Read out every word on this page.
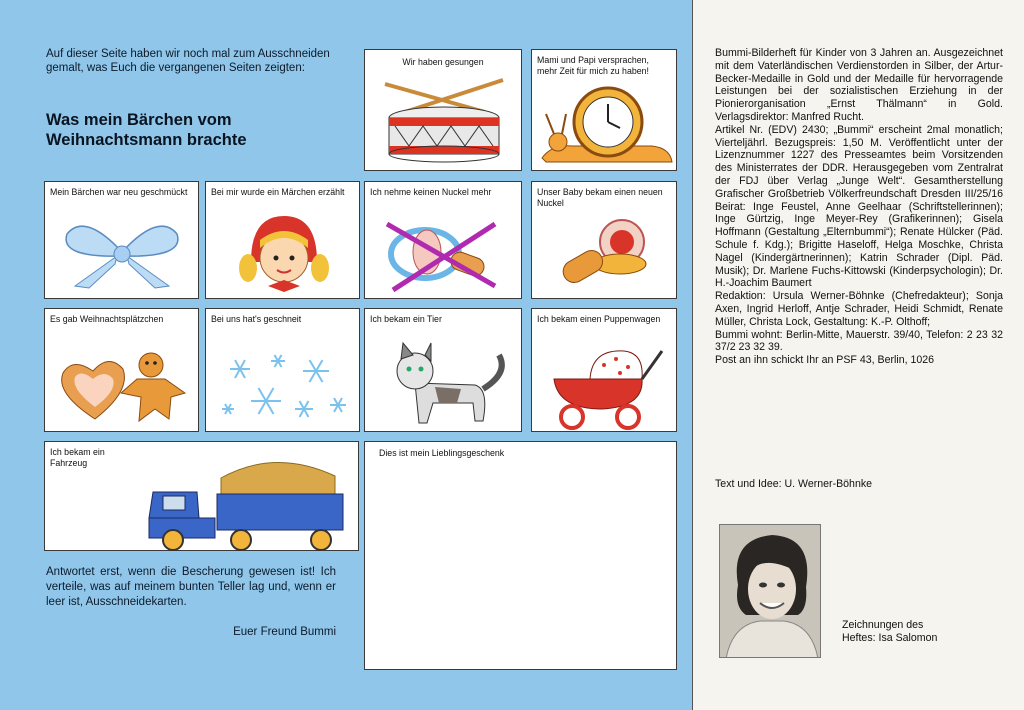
Auf dieser Seite haben wir noch mal zum Ausschneiden gemalt, was Euch die vergangenen Seiten zeigten:
Was mein Bärchen vom Weihnachtsmann brachte
Wir haben gesungen	Mami und Papi versprachen, mehr Zeit für mich zu haben!
Mein Bärchen war neu geschmückt	Bei mir wurde ein Märchen erzählt	Ich nehme keinen Nuckel mehr	Unser Baby bekam einen neuen Nuckel
Es gab Weihnachtsplätzchen	Bei uns hat's geschneit	Ich bekam ein Tier	Ich bekam einen Puppenwagen
Ich bekam ein Fahrzeug
Dies ist mein Lieblingsgeschenk
Antwortet erst, wenn die Bescherung gewesen ist! Ich verteile, was auf meinem bunten Teller lag und, wenn er leer ist, Ausschneidekarten.
Euer Freund Bummi

Bummi-Bilderheft für Kinder von 3 Jahren an. Ausgezeichnet mit dem Vaterländischen Verdienstorden in Silber, der Artur-Becker-Medaille in Gold und der Medaille für hervorragende Leistungen bei der sozialistischen Erziehung in der Pionierorganisation „Ernst Thälmann“ in Gold. Verlagsdirektor: Manfred Rucht.

Artikel Nr. (EDV) 2430; „Bummi“ erscheint 2mal monatlich; Vierteljährl. Bezugspreis: 1,50 M. Veröffentlicht unter der Lizenznummer 1227 des Presseamtes beim Vorsitzenden des Ministerrates der DDR. Herausgegeben vom Zentralrat der FDJ über Verlag „Junge Welt“. Gesamtherstellung Grafischer Großbetrieb Völkerfreundschaft Dresden III/25/16 Beirat: Inge Feustel, Anne Geelhaar (Schriftstellerinnen); Inge Gürtzig, Inge Meyer-Rey (Grafikerinnen); Gisela Hoffmann (Gestaltung „Elternbummi“); Renate Hülcker (Päd. Schule f. Kdg.); Brigitte Haseloff, Helga Moschke, Christa Nagel (Kindergärtnerinnen); Katrin Schrader (Dipl. Päd. Musik); Dr. Marlene Fuchs-Kittowski (Kinderpsychologin); Dr. H.-Joachim Baumert

Redaktion: Ursula Werner-Böhnke (Chefredakteur); Sonja Axen, Ingrid Herloff, Antje Schrader, Heidi Schmidt, Renate Müller, Christa Lock, Gestaltung: K.-P. Olthoff;

Bummi wohnt: Berlin-Mitte, Mauerstr. 39/40, Telefon: 2 23 32 37/2 23 32 39.

Post an ihn schickt Ihr an PSF 43, Berlin, 1026

Text und Idee: U. Werner-Böhnke
Zeichnungen des Heftes: Isa Salomon
